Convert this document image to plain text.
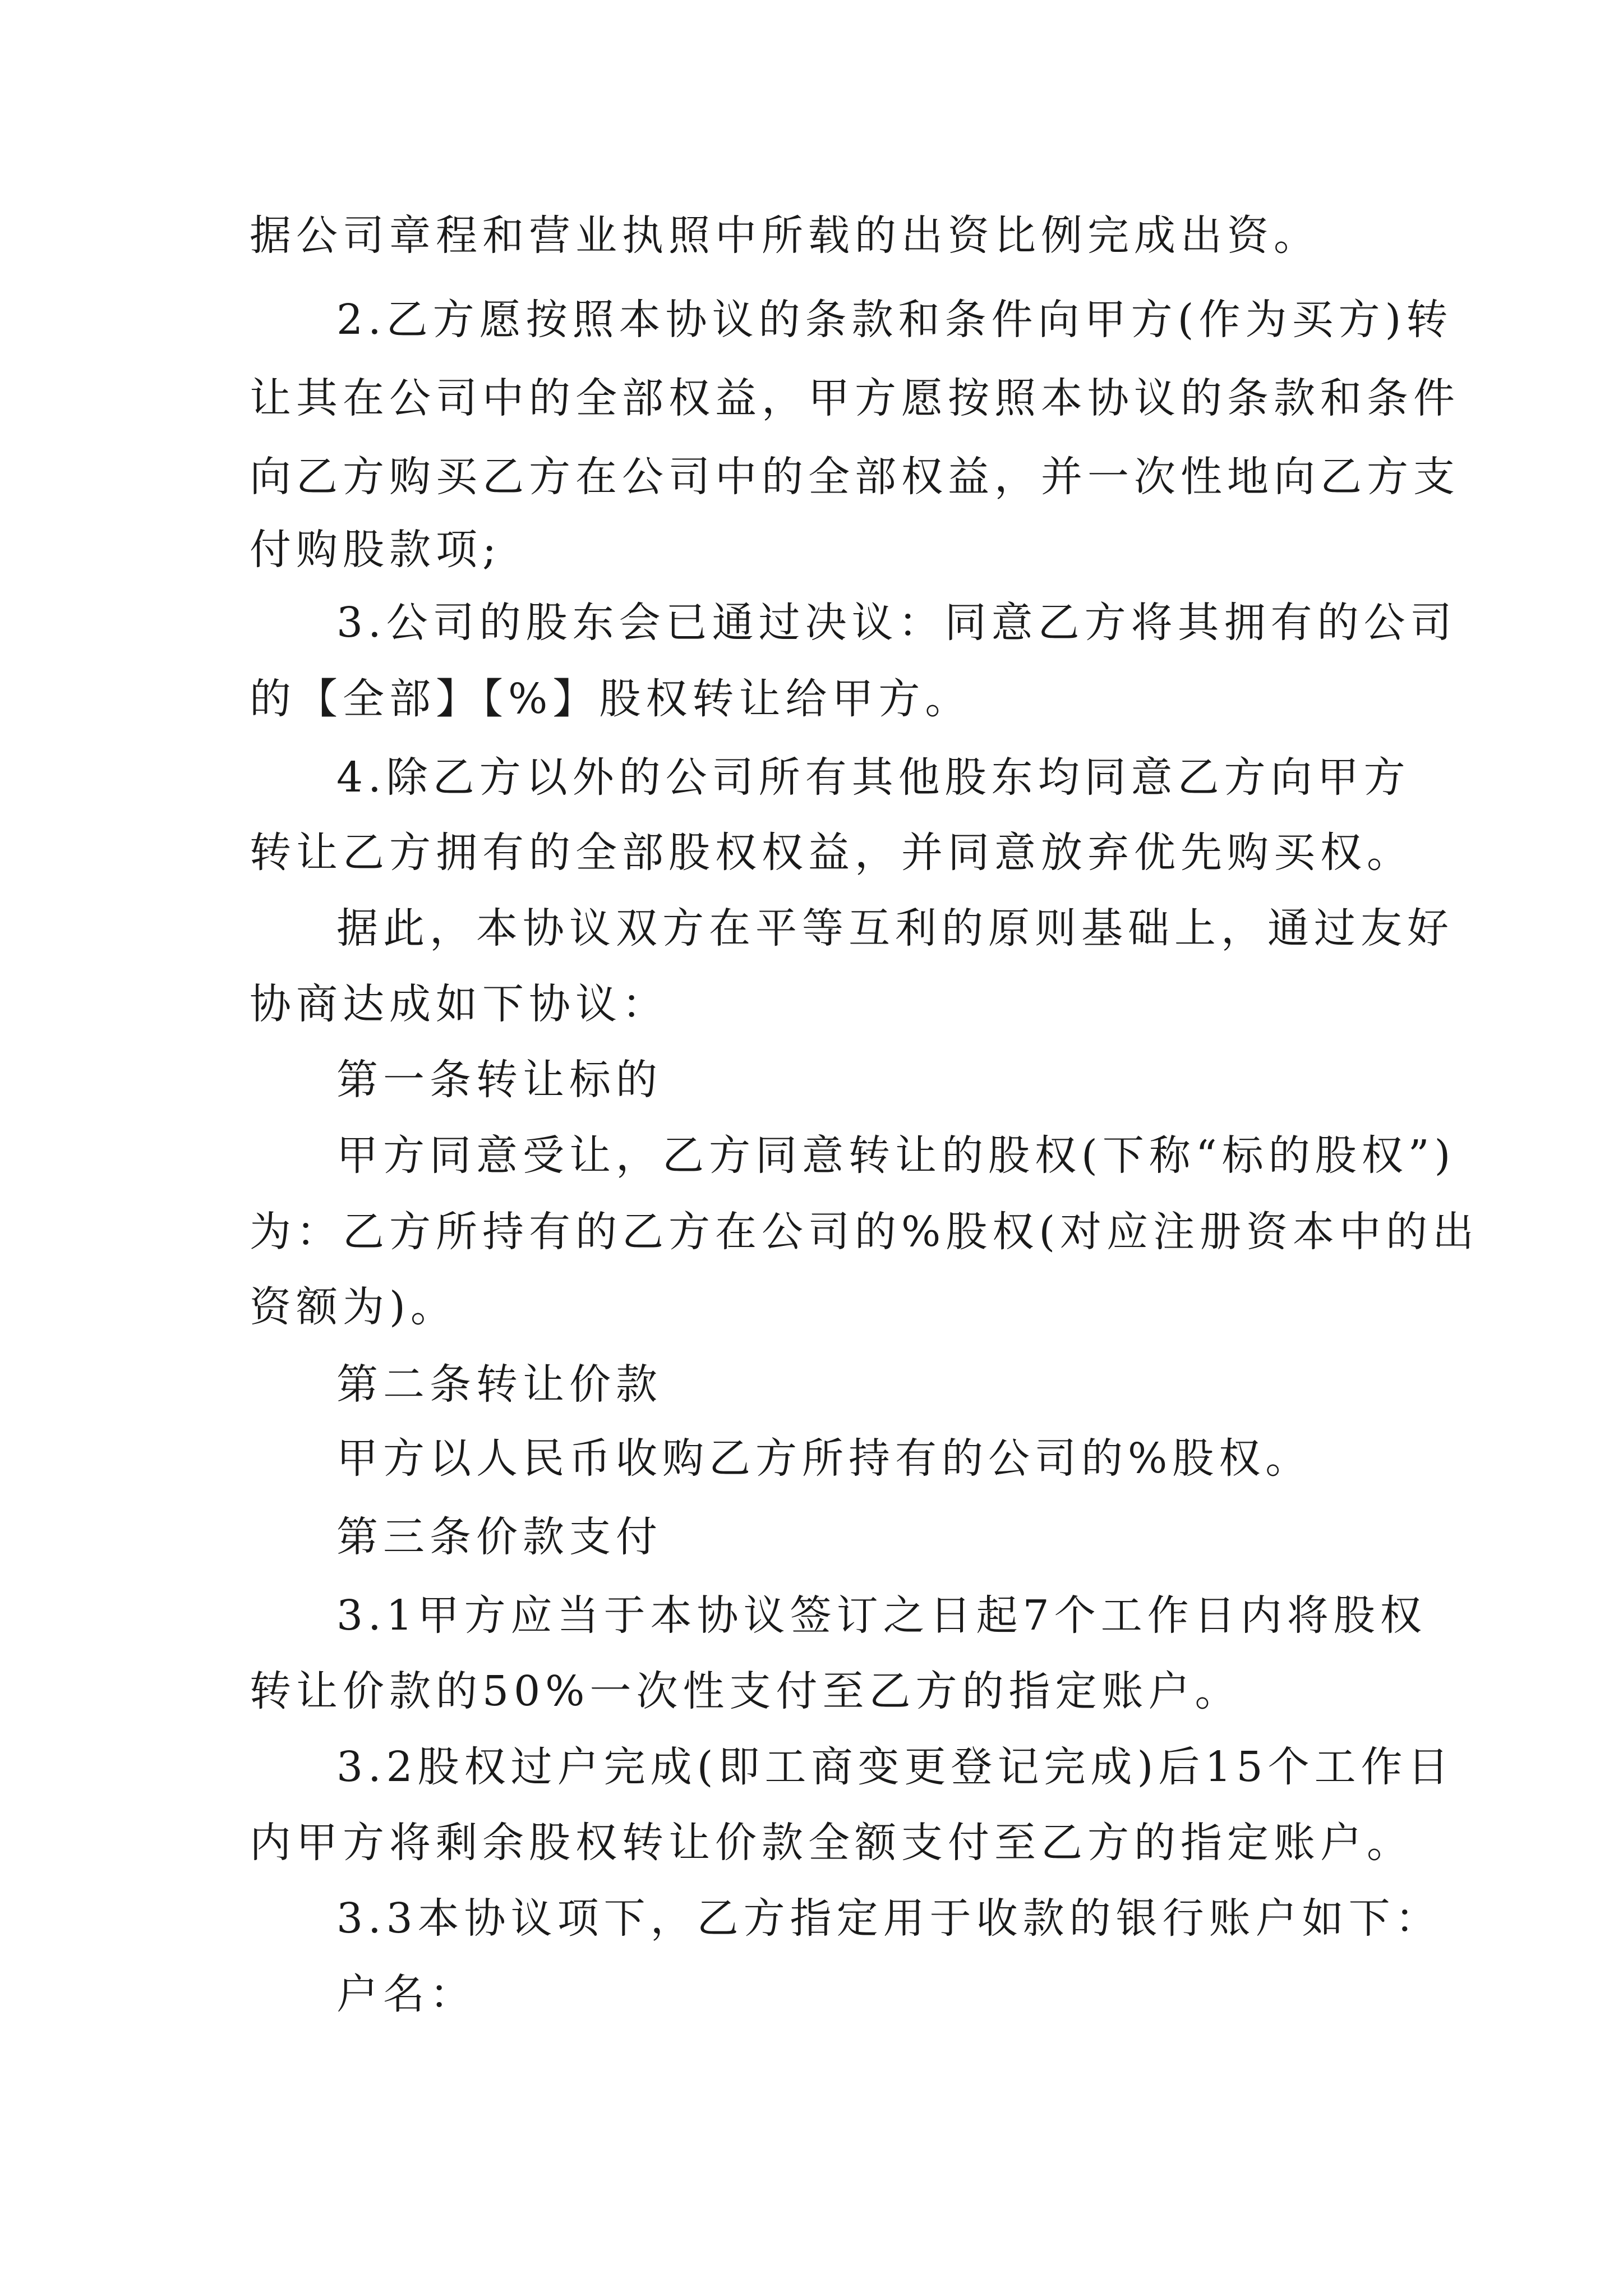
据公司章程和营业执照中所载的出资比例完成出资。
2.乙方愿按照本协议的条款和条件向甲方(作为买方)转
让其在公司中的全部权益，甲方愿按照本协议的条款和条件
向乙方购买乙方在公司中的全部权益，并一次性地向乙方支
付购股款项;
3.公司的股东会已通过决议：同意乙方将其拥有的公司
的【全部】【%】股权转让给甲方。
4.除乙方以外的公司所有其他股东均同意乙方向甲方
转让乙方拥有的全部股权权益，并同意放弃优先购买权。
据此，本协议双方在平等互利的原则基础上，通过友好
协商达成如下协议：
第一条转让标的
甲方同意受让，乙方同意转让的股权(下称“标的股权”)
为：乙方所持有的乙方在公司的%股权(对应注册资本中的出
资额为)。
第二条转让价款
甲方以人民币收购乙方所持有的公司的%股权。
第三条价款支付
3.1甲方应当于本协议签订之日起7个工作日内将股权
转让价款的50%一次性支付至乙方的指定账户。
3.2股权过户完成(即工商变更登记完成)后15个工作日
内甲方将剩余股权转让价款全额支付至乙方的指定账户。
3.3本协议项下，乙方指定用于收款的银行账户如下：
户名：
